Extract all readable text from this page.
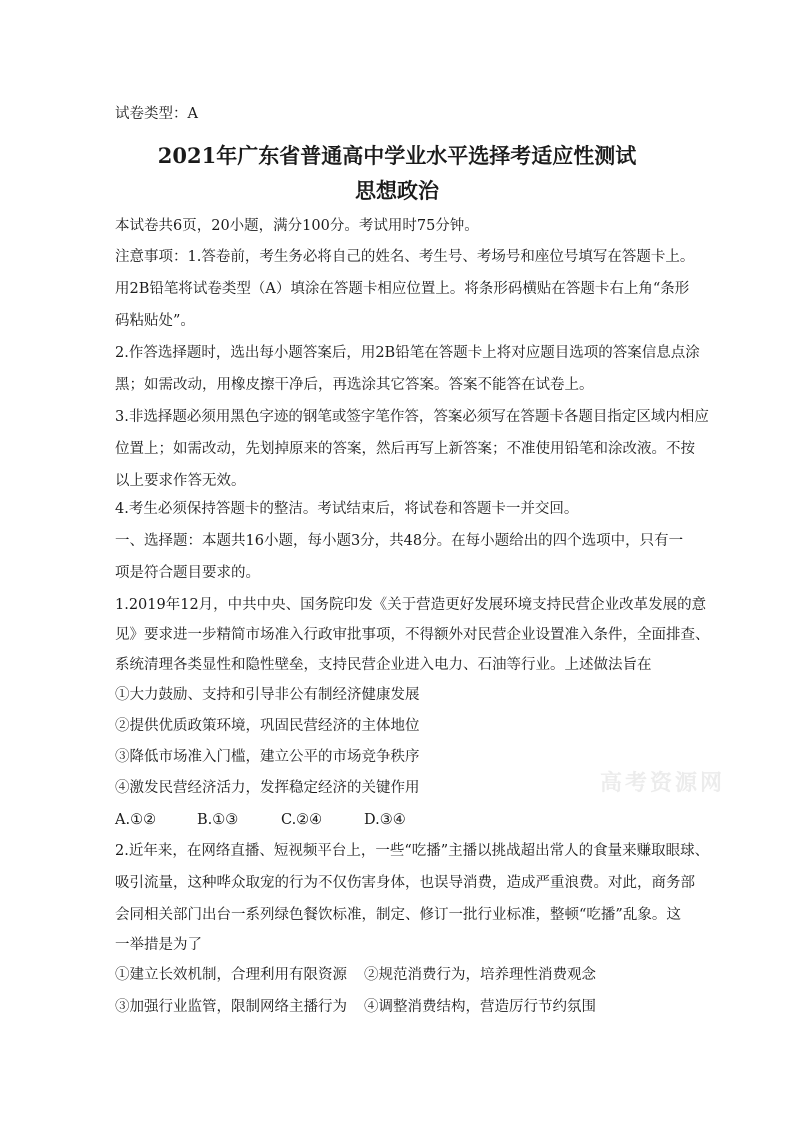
试卷类型：A
2021年广东省普通高中学业水平选择考适应性测试
思想政治
本试卷共6页，20小题，满分100分。考试用时75分钟。
注意事项：1.答卷前，考生务必将自己的姓名、考生号、考场号和座位号填写在答题卡上。
用2B铅笔将试卷类型（A）填涂在答题卡相应位置上。将条形码横贴在答题卡右上角“条形
码粘贴处”。
2.作答选择题时，选出每小题答案后，用2B铅笔在答题卡上将对应题目选项的答案信息点涂
黑；如需改动，用橡皮擦干净后，再选涂其它答案。答案不能答在试卷上。
3.非选择题必须用黑色字迹的钢笔或签字笔作答，答案必须写在答题卡各题目指定区域内相应
位置上；如需改动，先划掉原来的答案，然后再写上新答案；不准使用铅笔和涂改液。不按
以上要求作答无效。
4.考生必须保持答题卡的整洁。考试结束后，将试卷和答题卡一并交回。
一、选择题：本题共16小题，每小题3分，共48分。在每小题给出的四个选项中，只有一
项是符合题目要求的。
1.2019年12月，中共中央、国务院印发《关于营造更好发展环境支持民营企业改革发展的意
见》要求进一步精简市场准入行政审批事项，不得额外对民营企业设置准入条件，全面排查、
系统清理各类显性和隐性壁垒，支持民营企业进入电力、石油等行业。上述做法旨在
①大力鼓励、支持和引导非公有制经济健康发展
②提供优质政策环境，巩固民营经济的主体地位
③降低市场准入门槛，建立公平的市场竞争秩序
④激发民营经济活力，发挥稳定经济的关键作用
A.①②	B.①③	C.②④	D.③④
2.近年来，在网络直播、短视频平台上，一些“吃播”主播以挑战超出常人的食量来赚取眼球、
吸引流量，这种哗众取宠的行为不仅伤害身体，也误导消费，造成严重浪费。对此，商务部
会同相关部门出台一系列绿色餐饮标准，制定、修订一批行业标准，整顿“吃播”乱象。这
一举措是为了
①建立长效机制，合理利用有限资源 ②规范消费行为，培养理性消费观念
③加强行业监管，限制网络主播行为 ④调整消费结构，营造厉行节约氛围
高考资源网
